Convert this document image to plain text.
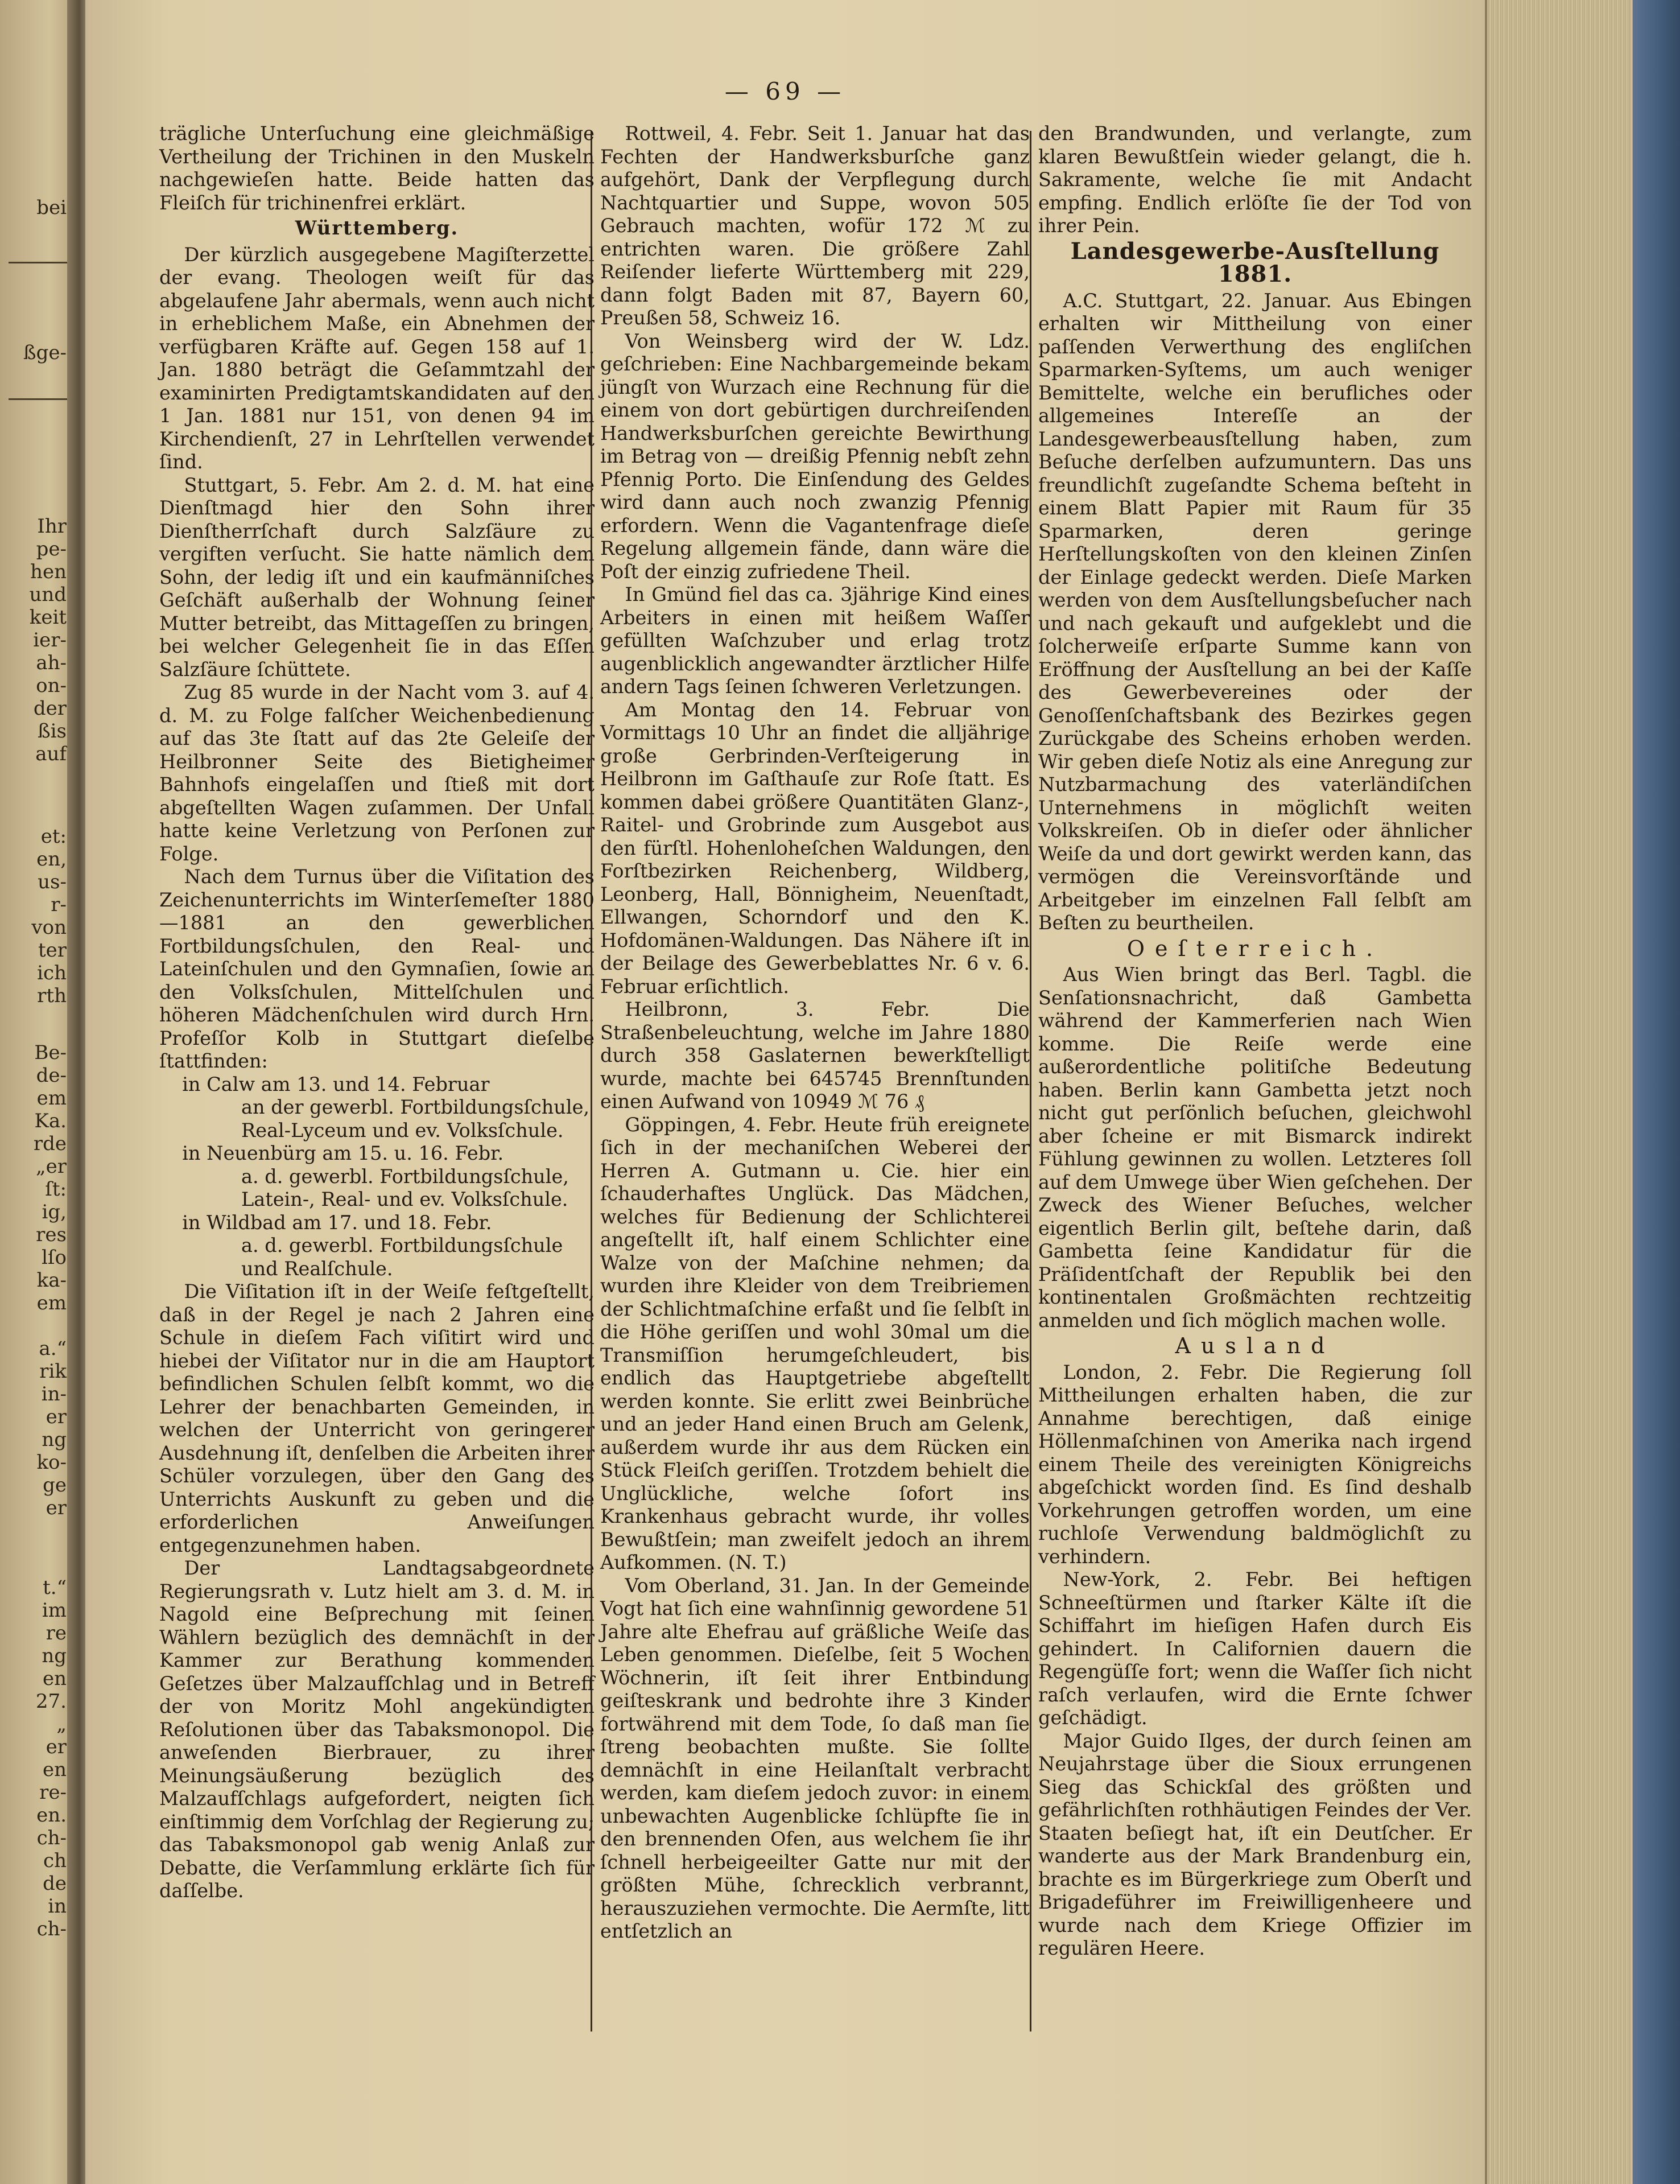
bei
ßge-
Ihr
pe-
hen
und
keit
ier-
ah-
on-
der
ßis
auf
et:
en,
us-
r-
von
ter
ich
rth
Be-
de-
em
Ka.
rde
„er
ſt:
ig,
res
lſo
ka-
em
a.“
rik
in-
er
ng
ko-
ge
er
t.“
im
re
ng
en
27.
„
er
en
re-
en.
ch-
ch
de
in
ch-
— 69 —

trägliche Unterſuchung eine gleichmäßige Vertheilung der Trichinen in den Muskeln nachgewieſen hatte. Beide hatten das Fleiſch für trichinenfrei erklärt.

Württemberg.

Der kürzlich ausgegebene Magiſterzettel der evang. Theologen weiſt für das abgelaufene Jahr abermals, wenn auch nicht in erheblichem Maße, ein Abnehmen der verfügbaren Kräfte auf. Gegen 158 auf 1. Jan. 1880 beträgt die Geſammtzahl der examinirten Predigtamtskandidaten auf den 1 Jan. 1881 nur 151, von denen 94 im Kirchendienſt, 27 in Lehrſtellen verwendet ſind.

Stuttgart, 5. Febr. Am 2. d. M. hat eine Dienſtmagd hier den Sohn ihrer Dienſtherrſchaft durch Salzſäure zu vergiften verſucht. Sie hatte nämlich dem Sohn, der ledig iſt und ein kaufmänniſches Geſchäft außerhalb der Wohnung ſeiner Mutter betreibt, das Mittageſſen zu bringen, bei welcher Gelegenheit ſie in das Eſſen Salzſäure ſchüttete.

Zug 85 wurde in der Nacht vom 3. auf 4. d. M. zu Folge falſcher Weichenbedienung auf das 3te ſtatt auf das 2te Geleiſe der Heilbronner Seite des Bietigheimer Bahnhofs eingelaſſen und ſtieß mit dort abgeſtellten Wagen zuſammen. Der Unfall hatte keine Verletzung von Perſonen zur Folge.

Nach dem Turnus über die Viſitation des Zeichenunterrichts im Winterſemeſter 1880—1881 an den gewerblichen Fortbildungsſchulen, den Real- und Lateinſchulen und den Gymnaſien, ſowie an den Volksſchulen, Mittelſchulen und höheren Mädchenſchulen wird durch Hrn. Profeſſor Kolb in Stuttgart dieſelbe ſtattfinden:

in Calw am 13. und 14. Februar
an der gewerbl. Fortbildungsſchule,
Real-Lyceum und ev. Volksſchule.
in Neuenbürg am 15. u. 16. Febr.
a. d. gewerbl. Fortbildungsſchule,
Latein-, Real- und ev. Volksſchule.
in Wildbad am 17. und 18. Febr.
a. d. gewerbl. Fortbildungsſchule
und Realſchule.

Die Viſitation iſt in der Weiſe feſtgeſtellt, daß in der Regel je nach 2 Jahren eine Schule in dieſem Fach viſitirt wird und hiebei der Viſitator nur in die am Hauptort befindlichen Schulen ſelbſt kommt, wo die Lehrer der benachbarten Gemeinden, in welchen der Unterricht von geringerer Ausdehnung iſt, denſelben die Arbeiten ihrer Schüler vorzulegen, über den Gang des Unterrichts Auskunft zu geben und die erforderlichen Anweiſungen entgegenzunehmen haben.

Der Landtagsabgeordnete Regierungsrath v. Lutz hielt am 3. d. M. in Nagold eine Beſprechung mit ſeinen Wählern bezüglich des demnächſt in der Kammer zur Berathung kommenden Geſetzes über Malzaufſchlag und in Betreff der von Moritz Mohl angekündigten Reſolutionen über das Tabaksmonopol. Die anweſenden Bierbrauer, zu ihrer Meinungsäußerung bezüglich des Malzaufſchlags aufgefordert, neigten ſich einſtimmig dem Vorſchlag der Regierung zu; das Tabaksmonopol gab wenig Anlaß zur Debatte, die Verſammlung erklärte ſich für daſſelbe.

Rottweil, 4. Febr. Seit 1. Januar hat das Fechten der Handwerksburſche ganz aufgehört, Dank der Verpflegung durch Nachtquartier und Suppe, wovon 505 Gebrauch machten, wofür 172 ℳ zu entrichten waren. Die größere Zahl Reiſender lieferte Württemberg mit 229, dann folgt Baden mit 87, Bayern 60, Preußen 58, Schweiz 16.

Von Weinsberg wird der W. Ldz. geſchrieben: Eine Nachbargemeinde bekam jüngſt von Wurzach eine Rechnung für die einem von dort gebürtigen durchreiſenden Handwerksburſchen gereichte Bewirthung im Betrag von — dreißig Pfennig nebſt zehn Pfennig Porto. Die Einſendung des Geldes wird dann auch noch zwanzig Pfennig erfordern. Wenn die Vagantenfrage dieſe Regelung allgemein fände, dann wäre die Poſt der einzig zufriedene Theil.

In Gmünd fiel das ca. 3jährige Kind eines Arbeiters in einen mit heißem Waſſer gefüllten Waſchzuber und erlag trotz augenblicklich angewandter ärztlicher Hilfe andern Tags ſeinen ſchweren Verletzungen.

Am Montag den 14. Februar von Vormittags 10 Uhr an findet die alljährige große Gerbrinden-Verſteigerung in Heilbronn im Gaſthauſe zur Roſe ſtatt. Es kommen dabei größere Quantitäten Glanz-, Raitel- und Grobrinde zum Ausgebot aus den fürſtl. Hohenloheſchen Waldungen, den Forſtbezirken Reichenberg, Wildberg, Leonberg, Hall, Bönnigheim, Neuenſtadt, Ellwangen, Schorndorf und den K. Hofdomänen-Waldungen. Das Nähere iſt in der Beilage des Gewerbeblattes Nr. 6 v. 6. Februar erſichtlich.

Heilbronn, 3. Febr. Die Straßenbeleuchtung, welche im Jahre 1880 durch 358 Gaslaternen bewerkſtelligt wurde, machte bei 645745 Brennſtunden einen Aufwand von 10949 ℳ 76 ₰

Göppingen, 4. Febr. Heute früh ereignete ſich in der mechaniſchen Weberei der Herren A. Gutmann u. Cie. hier ein ſchauderhaftes Unglück. Das Mädchen, welches für Bedienung der Schlichterei angeſtellt iſt, half einem Schlichter eine Walze von der Maſchine nehmen; da wurden ihre Kleider von dem Treibriemen der Schlichtmaſchine erfaßt und ſie ſelbſt in die Höhe geriſſen und wohl 30mal um die Transmiſſion herumgeſchleudert, bis endlich das Hauptgetriebe abgeſtellt werden konnte. Sie erlitt zwei Beinbrüche und an jeder Hand einen Bruch am Gelenk, außerdem wurde ihr aus dem Rücken ein Stück Fleiſch geriſſen. Trotzdem behielt die Unglückliche, welche ſofort ins Krankenhaus gebracht wurde, ihr volles Bewußtſein; man zweifelt jedoch an ihrem Aufkommen. (N. T.)

Vom Oberland, 31. Jan. In der Gemeinde Vogt hat ſich eine wahnſinnig gewordene 51 Jahre alte Ehefrau auf gräßliche Weiſe das Leben genommen. Dieſelbe, ſeit 5 Wochen Wöchnerin, iſt ſeit ihrer Entbindung geiſteskrank und bedrohte ihre 3 Kinder fortwährend mit dem Tode, ſo daß man ſie ſtreng beobachten mußte. Sie ſollte demnächſt in eine Heilanſtalt verbracht werden, kam dieſem jedoch zuvor: in einem unbewachten Augenblicke ſchlüpfte ſie in den brennenden Ofen, aus welchem ſie ihr ſchnell herbeigeeilter Gatte nur mit der größten Mühe, ſchrecklich verbrannt, herauszuziehen vermochte. Die Aermſte, litt entſetzlich an

den Brandwunden, und verlangte, zum klaren Bewußtſein wieder gelangt, die h. Sakramente, welche ſie mit Andacht empfing. Endlich erlöſte ſie der Tod von ihrer Pein.

Landesgewerbe-Ausſtellung 1881.

A.C. Stuttgart, 22. Januar. Aus Ebingen erhalten wir Mittheilung von einer paſſenden Verwerthung des engliſchen Sparmarken-Syſtems, um auch weniger Bemittelte, welche ein berufliches oder allgemeines Intereſſe an der Landesgewerbeausſtellung haben, zum Beſuche derſelben aufzumuntern. Das uns freundlichſt zugeſandte Schema beſteht in einem Blatt Papier mit Raum für 35 Sparmarken, deren geringe Herſtellungskoſten von den kleinen Zinſen der Einlage gedeckt werden. Dieſe Marken werden von dem Ausſtellungsbeſucher nach und nach gekauft und aufgeklebt und die ſolcherweiſe erſparte Summe kann von Eröffnung der Ausſtellung an bei der Kaſſe des Gewerbevereines oder der Genoſſenſchaftsbank des Bezirkes gegen Zurückgabe des Scheins erhoben werden. Wir geben dieſe Notiz als eine Anregung zur Nutzbarmachung des vaterländiſchen Unternehmens in möglichſt weiten Volkskreiſen. Ob in dieſer oder ähnlicher Weiſe da und dort gewirkt werden kann, das vermögen die Vereinsvorſtände und Arbeitgeber im einzelnen Fall ſelbſt am Beſten zu beurtheilen.

Oeſterreich.

Aus Wien bringt das Berl. Tagbl. die Senſationsnachricht, daß Gambetta während der Kammerferien nach Wien komme. Die Reiſe werde eine außerordentliche politiſche Bedeutung haben. Berlin kann Gambetta jetzt noch nicht gut perſönlich beſuchen, gleichwohl aber ſcheine er mit Bismarck indirekt Fühlung gewinnen zu wollen. Letzteres ſoll auf dem Umwege über Wien geſchehen. Der Zweck des Wiener Beſuches, welcher eigentlich Berlin gilt, beſtehe darin, daß Gambetta ſeine Kandidatur für die Präſidentſchaft der Republik bei den kontinentalen Großmächten rechtzeitig anmelden und ſich möglich machen wolle.

Ausland

London, 2. Febr. Die Regierung ſoll Mittheilungen erhalten haben, die zur Annahme berechtigen, daß einige Höllenmaſchinen von Amerika nach irgend einem Theile des vereinigten Königreichs abgeſchickt worden ſind. Es ſind deshalb Vorkehrungen getroffen worden, um eine ruchloſe Verwendung baldmöglichſt zu verhindern.

New-York, 2. Febr. Bei heftigen Schneeſtürmen und ſtarker Kälte iſt die Schiffahrt im hieſigen Hafen durch Eis gehindert. In Californien dauern die Regengüſſe fort; wenn die Waſſer ſich nicht raſch verlaufen, wird die Ernte ſchwer geſchädigt.

Major Guido Ilges, der durch ſeinen am Neujahrstage über die Sioux errungenen Sieg das Schickſal des größten und gefährlichſten rothhäutigen Feindes der Ver. Staaten beſiegt hat, iſt ein Deutſcher. Er wanderte aus der Mark Brandenburg ein, brachte es im Bürgerkriege zum Oberſt und Brigadeführer im Freiwilligenheere und wurde nach dem Kriege Offizier im regulären Heere.
